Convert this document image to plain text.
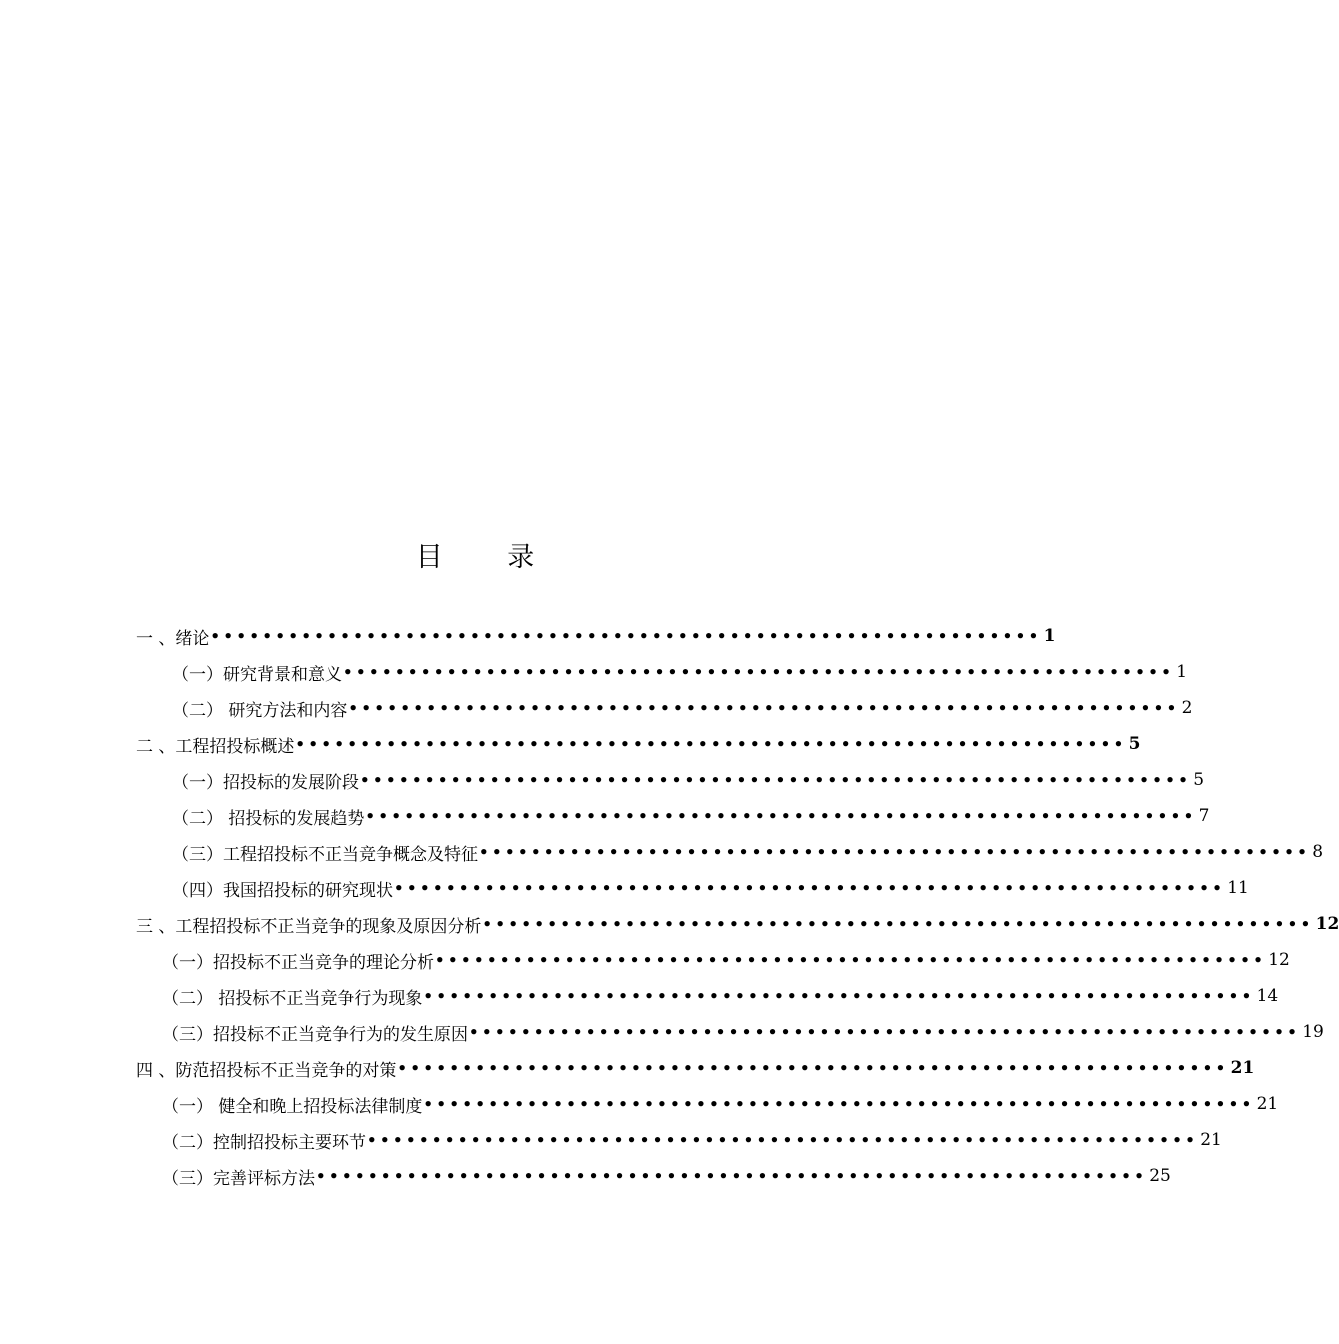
目 录
一 、绪论 •••••••••••••••••••••••••••••••••••••••••••••••••••••••••••••••• 1
（一）研究背景和意义 •••••••••••••••••••••••••••••••••••••••••••••••••••••••••••••••• 1
（二） 研究方法和内容 •••••••••••••••••••••••••••••••••••••••••••••••••••••••••••••••• 2
二 、工程招投标概述 •••••••••••••••••••••••••••••••••••••••••••••••••••••••••••••••• 5
（一）招投标的发展阶段 •••••••••••••••••••••••••••••••••••••••••••••••••••••••••••••••• 5
（二） 招投标的发展趋势 •••••••••••••••••••••••••••••••••••••••••••••••••••••••••••••••• 7
（三）工程招投标不正当竞争概念及特征 •••••••••••••••••••••••••••••••••••••••••••••••••••••••••••••••• 8
（四）我国招投标的研究现状 •••••••••••••••••••••••••••••••••••••••••••••••••••••••••••••••• 11
三 、工程招投标不正当竞争的现象及原因分析 •••••••••••••••••••••••••••••••••••••••••••••••••••••••••••••••• 12
（一）招投标不正当竞争的理论分析 •••••••••••••••••••••••••••••••••••••••••••••••••••••••••••••••• 12
（二） 招投标不正当竞争行为现象 •••••••••••••••••••••••••••••••••••••••••••••••••••••••••••••••• 14
（三）招投标不正当竞争行为的发生原因 •••••••••••••••••••••••••••••••••••••••••••••••••••••••••••••••• 19
四 、防范招投标不正当竞争的对策 •••••••••••••••••••••••••••••••••••••••••••••••••••••••••••••••• 21
（一） 健全和晚上招投标法律制度 •••••••••••••••••••••••••••••••••••••••••••••••••••••••••••••••• 21
（二）控制招投标主要环节 •••••••••••••••••••••••••••••••••••••••••••••••••••••••••••••••• 21
（三）完善评标方法 •••••••••••••••••••••••••••••••••••••••••••••••••••••••••••••••• 25
